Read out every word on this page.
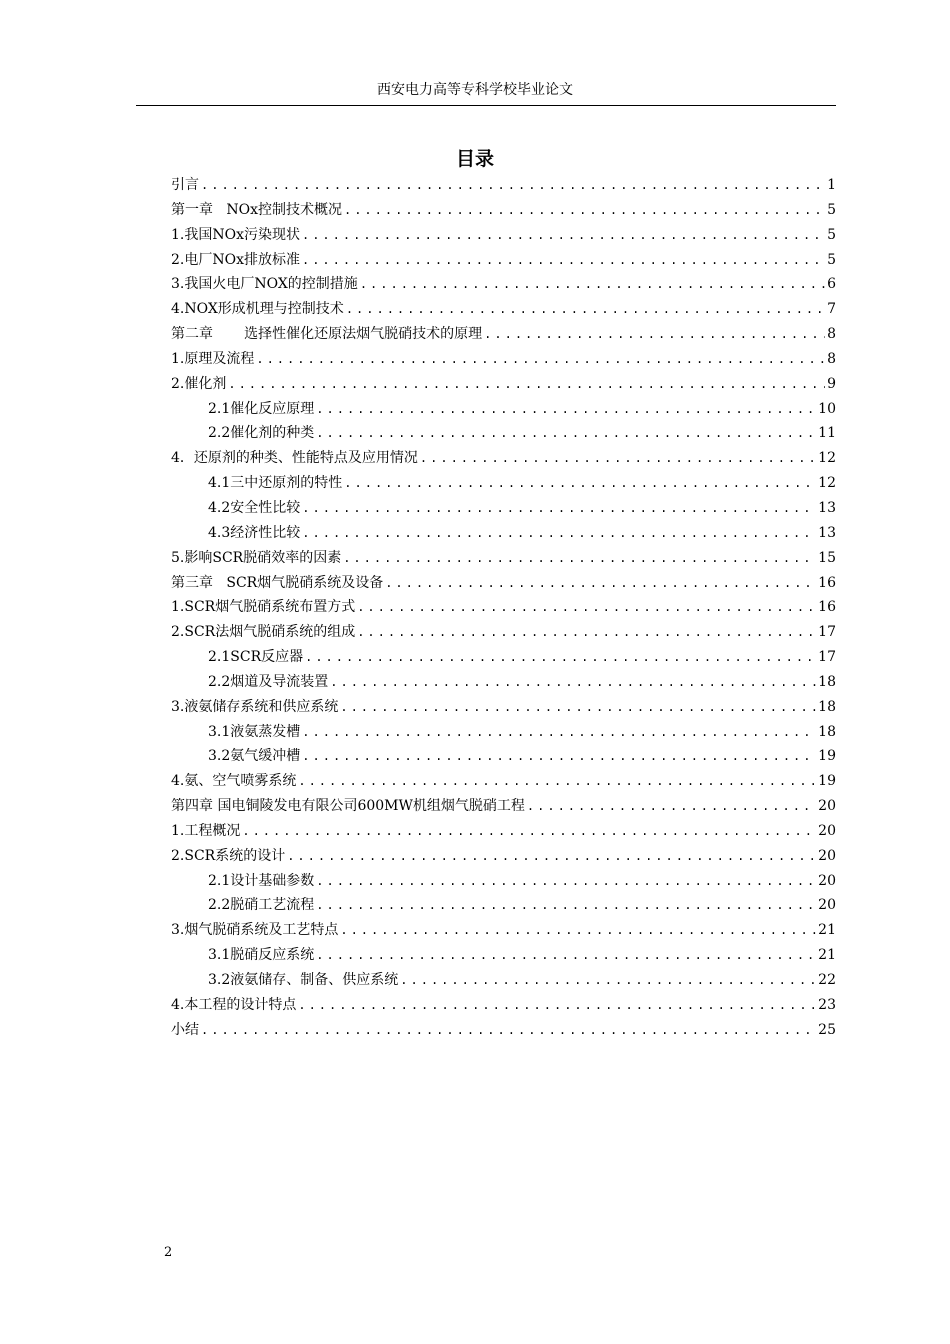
西安电力高等专科学校毕业论文
目录
引言 .....	1
第一章   NOx控制技术概况 .....	5
1.我国NOx污染现状 .....	5
2.电厂NOx排放标准 .....	5
3.我国火电厂NOX的控制措施 .....	6
4.NOX形成机理与控制技术 .....	7
第二章       选择性催化还原法烟气脱硝技术的原理 .....	8
1.原理及流程 .....	8
2.催化剂 .....	9
2.1催化反应原理 .....	10
2.2催化剂的种类 .....	11
4．还原剂的种类、性能特点及应用情况 .....	12
4.1三中还原剂的特性 .....	12
4.2安全性比较 .....	13
4.3经济性比较 .....	13
5.影响SCR脱硝效率的因素 .....	15
第三章   SCR烟气脱硝系统及设备 .....	16
1.SCR烟气脱硝系统布置方式 .....	16
2.SCR法烟气脱硝系统的组成 .....	17
2.1SCR反应器 .....	17
2.2烟道及导流装置 .....	18
3.液氨储存系统和供应系统 .....	18
3.1液氨蒸发槽 .....	18
3.2氨气缓冲槽 .....	19
4.氨、空气喷雾系统 .....	19
第四章 国电铜陵发电有限公司600MW机组烟气脱硝工程 .....	20
1.工程概况 .....	20
2.SCR系统的设计 .....	20
2.1设计基础参数 .....	20
2.2脱硝工艺流程 .....	20
3.烟气脱硝系统及工艺特点 .....	21
3.1脱硝反应系统 .....	21
3.2液氨储存、制备、供应系统 .....	22
4.本工程的设计特点 .....	23
小结 .....	25
2
